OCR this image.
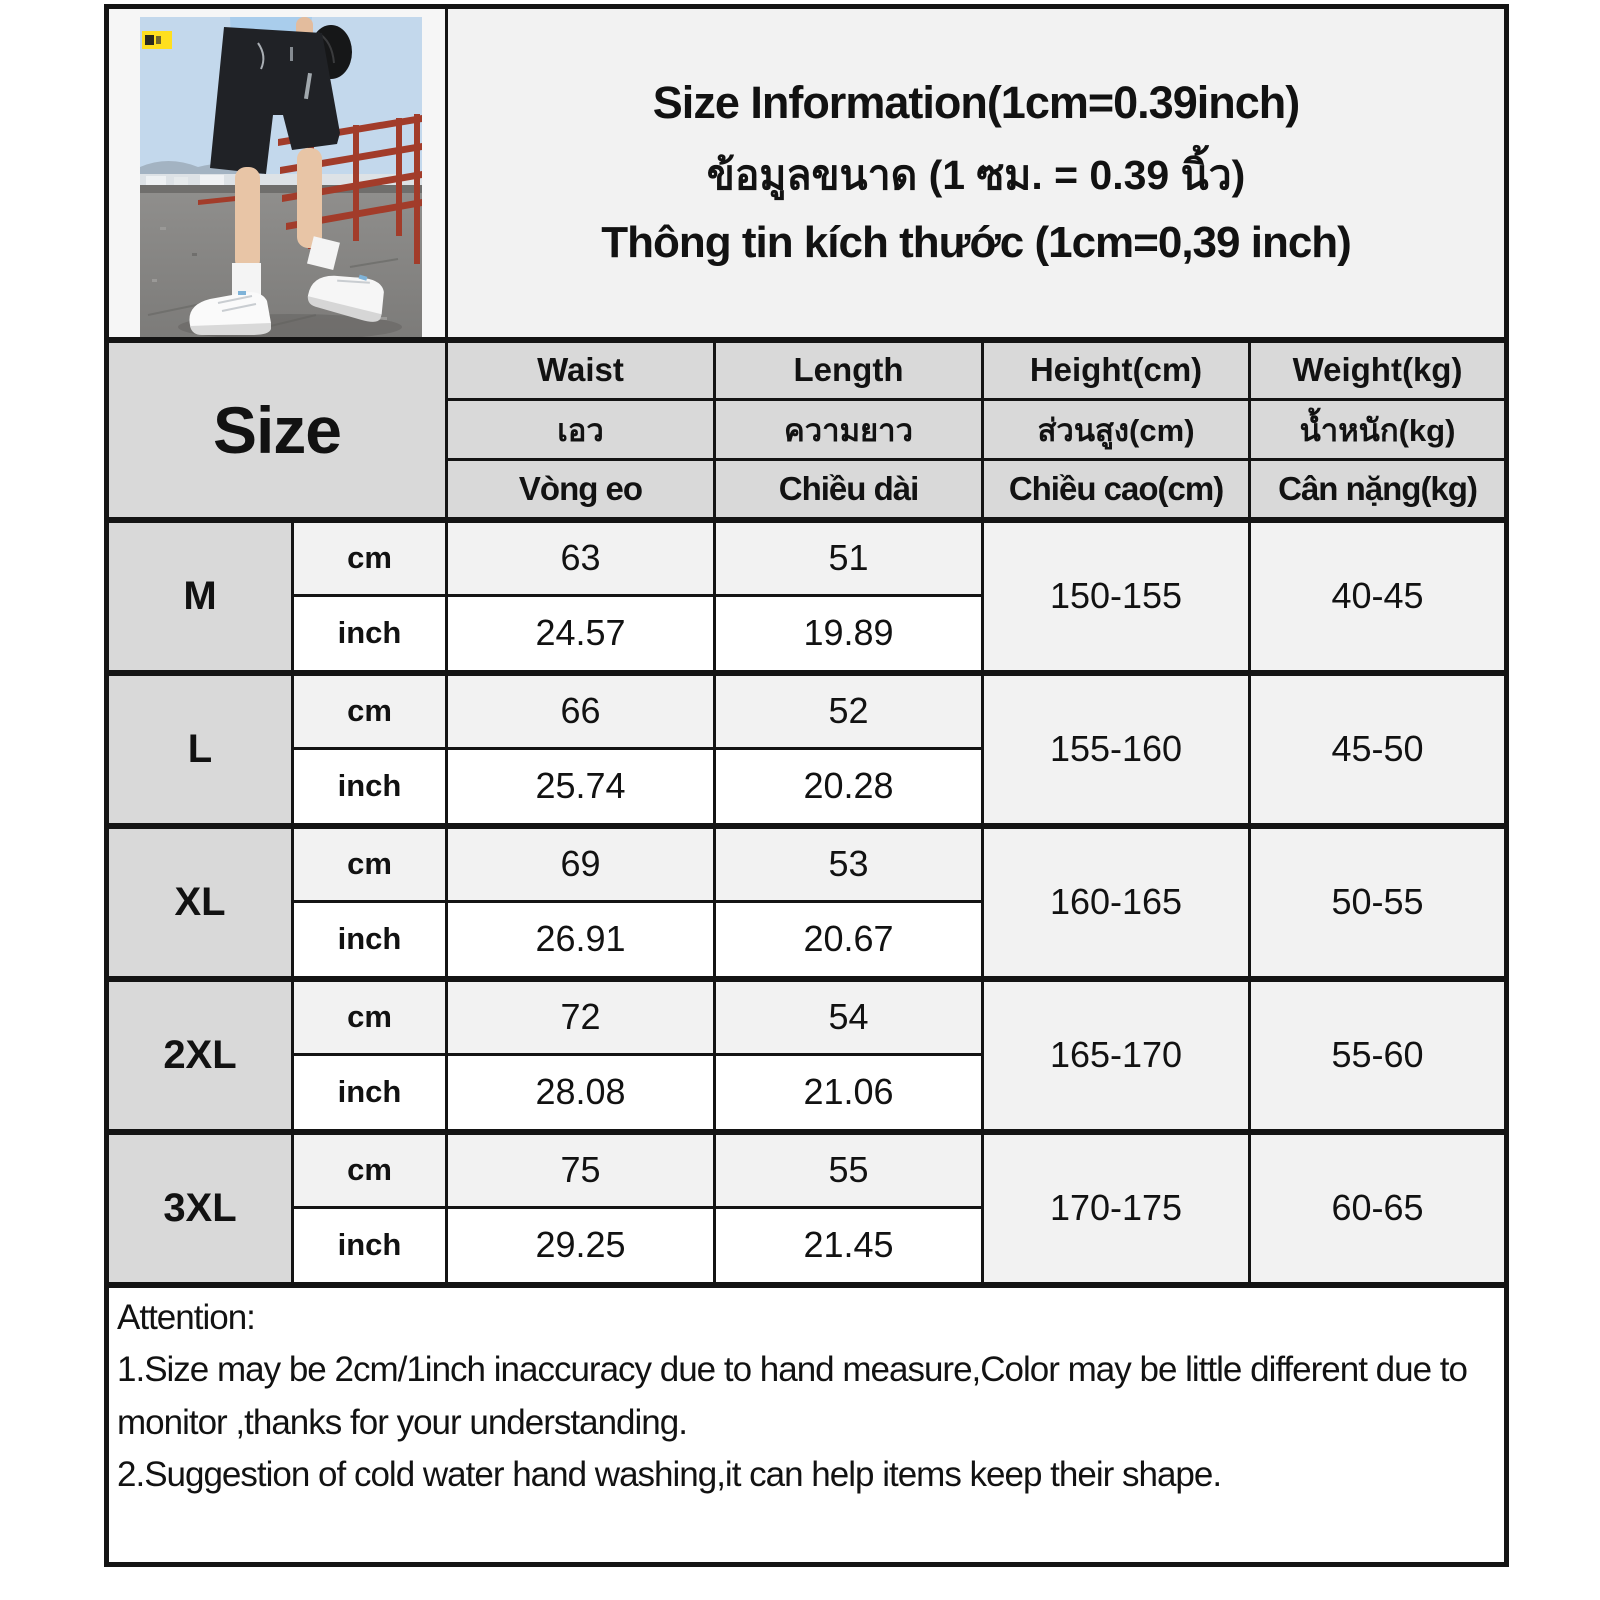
Size Information(1cm=0.39inch)
ข้อมูลขนาด (1 ซม. = 0.39 นิ้ว)
Thông tin kích thước (1cm=0,39 inch)			

Size		Waist	Length	Height(cm)	Weight(kg)
		เอว	ความยาว	ส่วนสูง(cm)	น้ำหนัก(kg)
		Vòng eo	Chiều dài	Chiều cao(cm)	Cân nặng(kg)
M	cm	63	51	150-155	40-45
	inch	24.57	19.89		
L	cm	66	52	155-160	45-50
	inch	25.74	20.28		
XL	cm	69	53	160-165	50-55
	inch	26.91	20.67		
2XL	cm	72	54	165-170	55-60
	inch	28.08	21.06		
3XL	cm	75	55	170-175	60-65
	inch	29.25	21.45		

Attention:

1.Size may be 2cm/1inch inaccuracy due to hand measure,Color may be little different due to monitor ,thanks for your understanding.

2.Suggestion of cold water hand washing,it can help items keep their shape.					
